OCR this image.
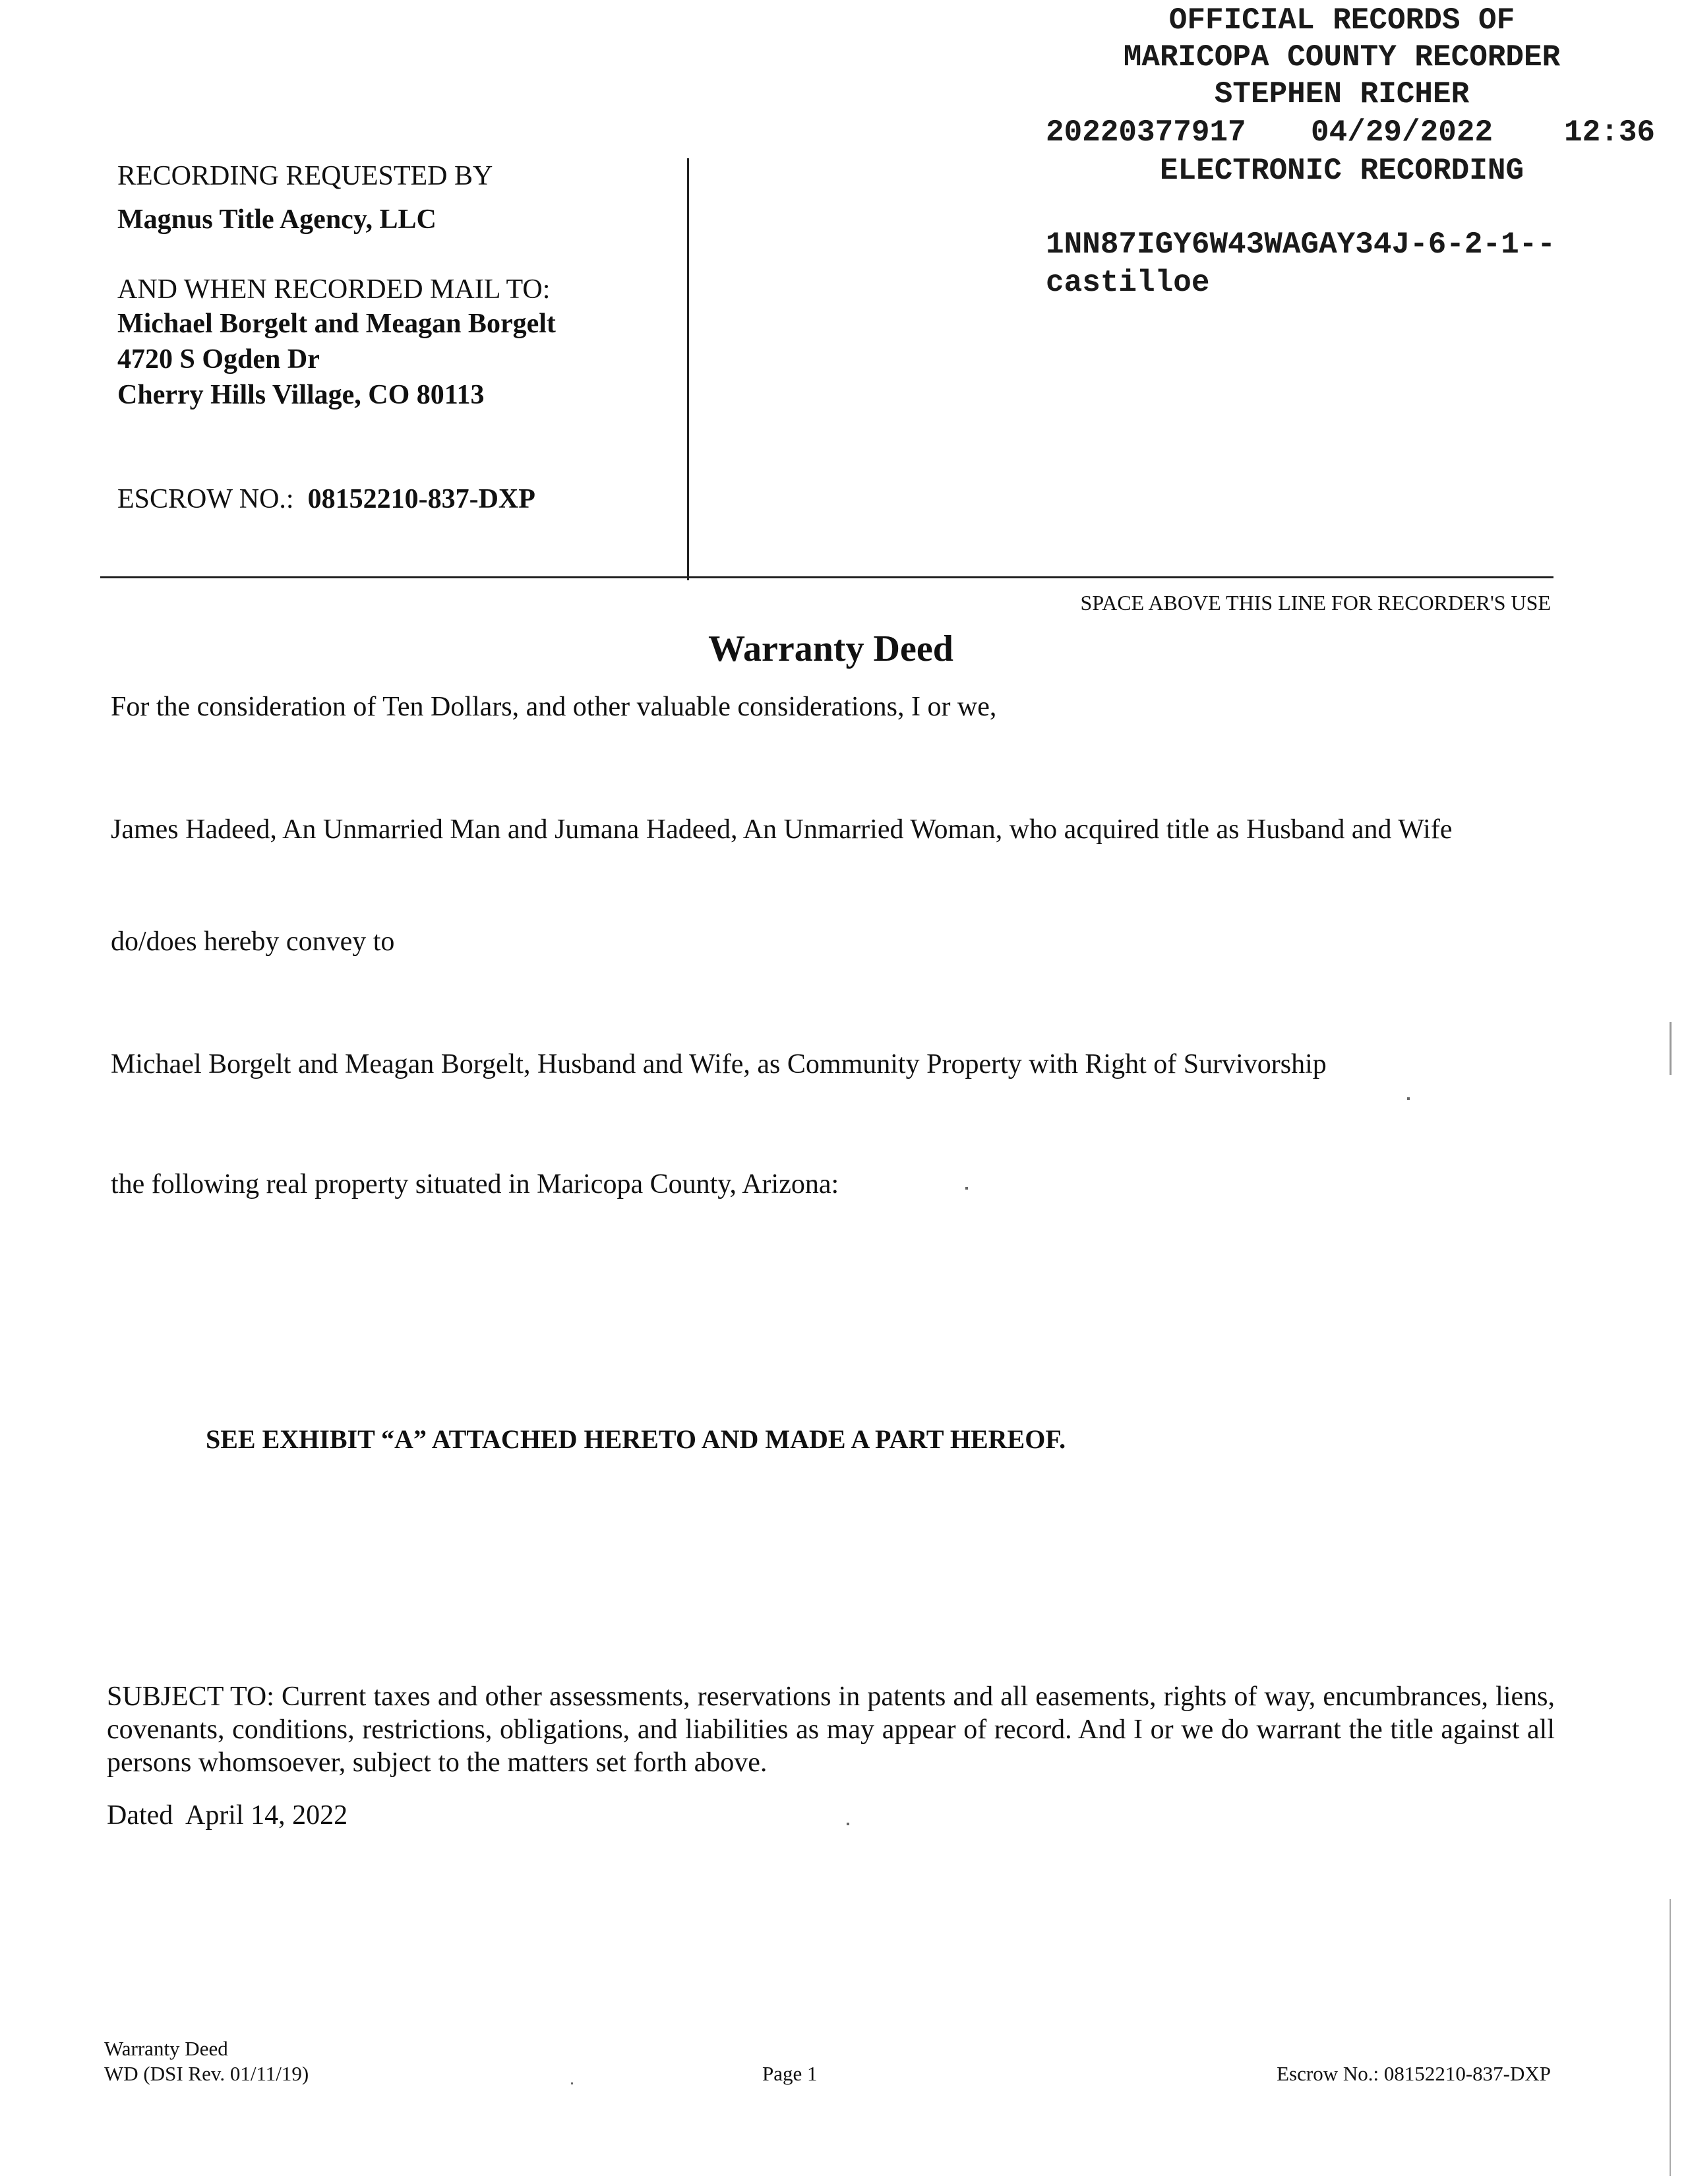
OFFICIAL RECORDS OF
MARICOPA COUNTY RECORDER
STEPHEN RICHER
20220377917 04/29/2022 12:36
ELECTRONIC RECORDING
1NN87IGY6W43WAGAY34J-6-2-1--
castilloe
RECORDING REQUESTED BY
Magnus Title Agency, LLC
AND WHEN RECORDED MAIL TO:
Michael Borgelt and Meagan Borgelt
4720 S Ogden Dr
Cherry Hills Village, CO 80113
ESCROW NO.: 08152210-837-DXP
SPACE ABOVE THIS LINE FOR RECORDER'S USE
Warranty Deed
For the consideration of Ten Dollars, and other valuable considerations, I or we,
James Hadeed, An Unmarried Man and Jumana Hadeed, An Unmarried Woman, who acquired title as Husband and Wife
do/does hereby convey to
Michael Borgelt and Meagan Borgelt, Husband and Wife, as Community Property with Right of Survivorship
the following real property situated in Maricopa County, Arizona:
SEE EXHIBIT “A” ATTACHED HERETO AND MADE A PART HEREOF.
SUBJECT TO: Current taxes and other assessments, reservations in patents and all easements, rights of way, encumbrances, liens, covenants, conditions, restrictions, obligations, and liabilities as may appear of record. And I or we do warrant the title against all persons whomsoever, subject to the matters set forth above.
Dated April 14, 2022
Warranty Deed
WD (DSI Rev. 01/11/19)	Page 1	Escrow No.: 08152210-837-DXP
